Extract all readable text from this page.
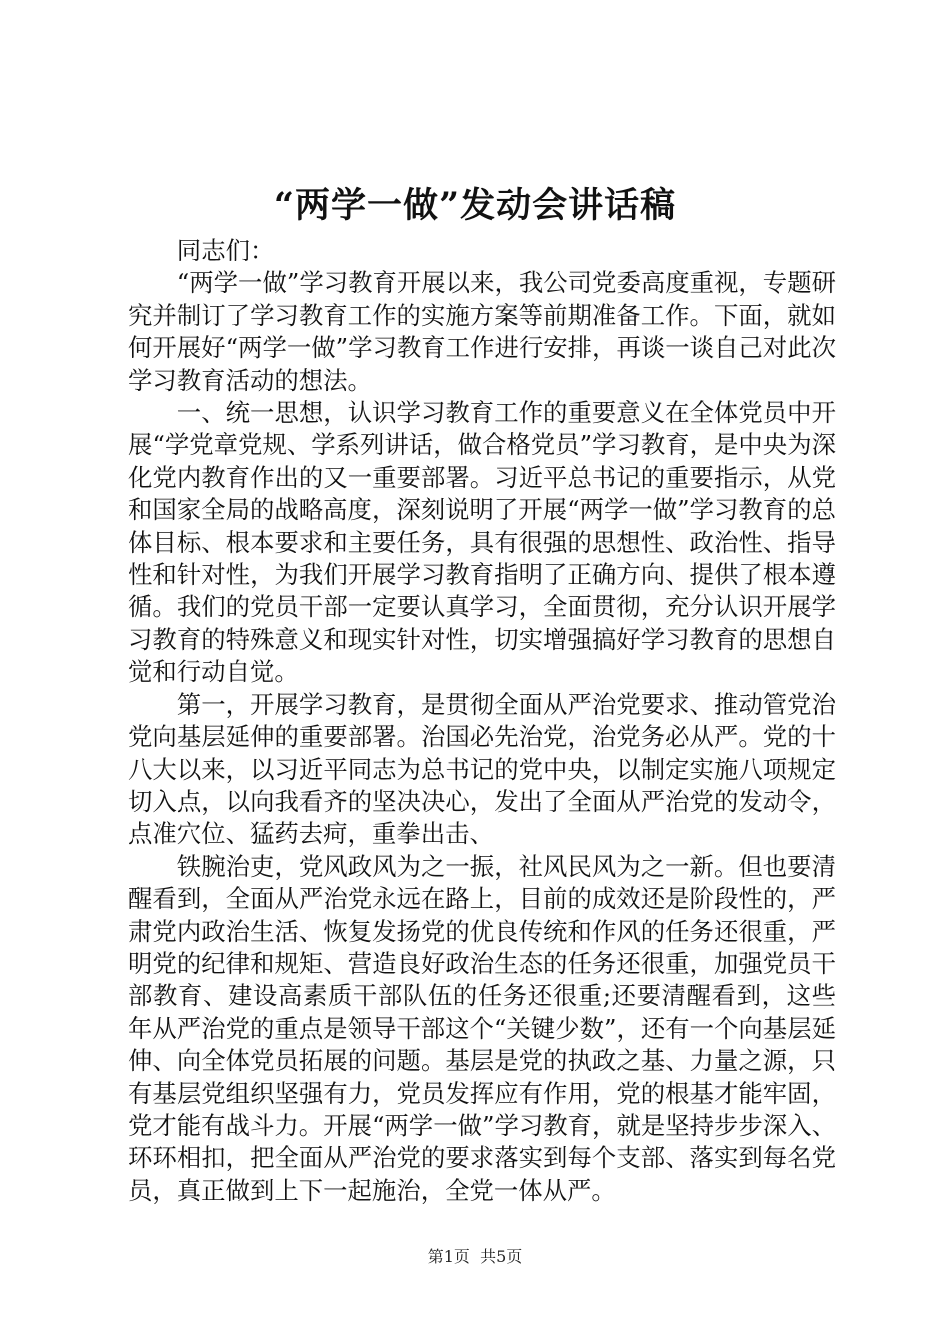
“两学一做”发动会讲话稿

同志们：

“两学一做”学习教育开展以来，我公司党委高度重视，专题研究并制订了学习教育工作的实施方案等前期准备工作。下面，就如何开展好“两学一做”学习教育工作进行安排，再谈一谈自己对此次学习教育活动的想法。

一、统一思想，认识学习教育工作的重要意义在全体党员中开展“学党章党规、学系列讲话，做合格党员”学习教育，是中央为深化党内教育作出的又一重要部署。习近平总书记的重要指示，从党和国家全局的战略高度，深刻说明了开展“两学一做”学习教育的总体目标、根本要求和主要任务，具有很强的思想性、政治性、指导性和针对性，为我们开展学习教育指明了正确方向、提供了根本遵循。我们的党员干部一定要认真学习，全面贯彻，充分认识开展学习教育的特殊意义和现实针对性，切实增强搞好学习教育的思想自觉和行动自觉。

第一，开展学习教育，是贯彻全面从严治党要求、推动管党治党向基层延伸的重要部署。治国必先治党，治党务必从严。党的十八大以来，以习近平同志为总书记的党中央，以制定实施八项规定切入点，以向我看齐的坚决决心，发出了全面从严治党的发动令，点准穴位、猛药去疴，重拳出击、

铁腕治吏，党风政风为之一振，社风民风为之一新。但也要清醒看到，全面从严治党永远在路上，目前的成效还是阶段性的，严肃党内政治生活、恢复发扬党的优良传统和作风的任务还很重，严明党的纪律和规矩、营造良好政治生态的任务还很重，加强党员干部教育、建设高素质干部队伍的任务还很重;还要清醒看到，这些年从严治党的重点是领导干部这个“关键少数”，还有一个向基层延伸、向全体党员拓展的问题。基层是党的执政之基、力量之源，只有基层党组织坚强有力，党员发挥应有作用，党的根基才能牢固，党才能有战斗力。开展“两学一做”学习教育，就是坚持步步深入、环环相扣，把全面从严治党的要求落实到每个支部、落实到每名党员，真正做到上下一起施治，全党一体从严。

第1页  共5页
